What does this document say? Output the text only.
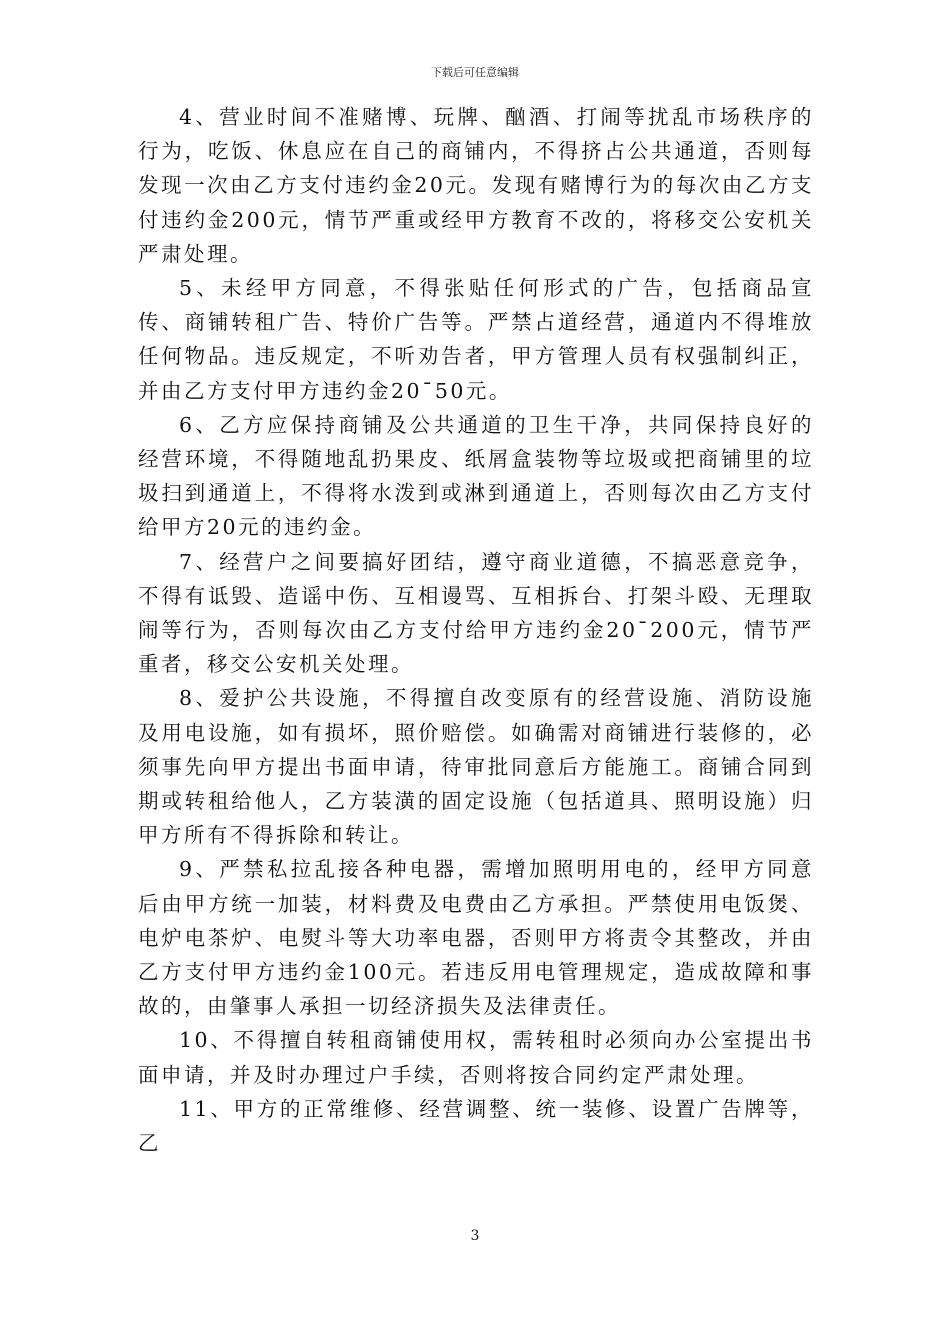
下载后可任意编辑

4、营业时间不准赌博、玩牌、酗酒、打闹等扰乱市场秩序的行为，吃饭、休息应在自己的商铺内，不得挤占公共通道，否则每发现一次由乙方支付违约金20元。发现有赌博行为的每次由乙方支付违约金200元，情节严重或经甲方教育不改的，将移交公安机关严肃处理。

5、未经甲方同意，不得张贴任何形式的广告，包括商品宣传、商铺转租广告、特价广告等。严禁占道经营，通道内不得堆放任何物品。违反规定，不听劝告者，甲方管理人员有权强制纠正，并由乙方支付甲方违约金20¯50元。

6、乙方应保持商铺及公共通道的卫生干净，共同保持良好的经营环境，不得随地乱扔果皮、纸屑盒装物等垃圾或把商铺里的垃圾扫到通道上，不得将水泼到或淋到通道上，否则每次由乙方支付给甲方20元的违约金。

7、经营户之间要搞好团结，遵守商业道德，不搞恶意竞争，不得有诋毁、造谣中伤、互相谩骂、互相拆台、打架斗殴、无理取闹等行为，否则每次由乙方支付给甲方违约金20¯200元，情节严重者，移交公安机关处理。

8、爱护公共设施，不得擅自改变原有的经营设施、消防设施及用电设施，如有损坏，照价赔偿。如确需对商铺进行装修的，必须事先向甲方提出书面申请，待审批同意后方能施工。商铺合同到期或转租给他人，乙方装潢的固定设施（包括道具、照明设施）归甲方所有不得拆除和转让。

9、严禁私拉乱接各种电器，需增加照明用电的，经甲方同意后由甲方统一加装，材料费及电费由乙方承担。严禁使用电饭煲、电炉电茶炉、电熨斗等大功率电器，否则甲方将责令其整改，并由乙方支付甲方违约金100元。若违反用电管理规定，造成故障和事故的，由肇事人承担一切经济损失及法律责任。

10、不得擅自转租商铺使用权，需转租时必须向办公室提出书面申请，并及时办理过户手续，否则将按合同约定严肃处理。

11、甲方的正常维修、经营调整、统一装修、设置广告牌等，乙

3
